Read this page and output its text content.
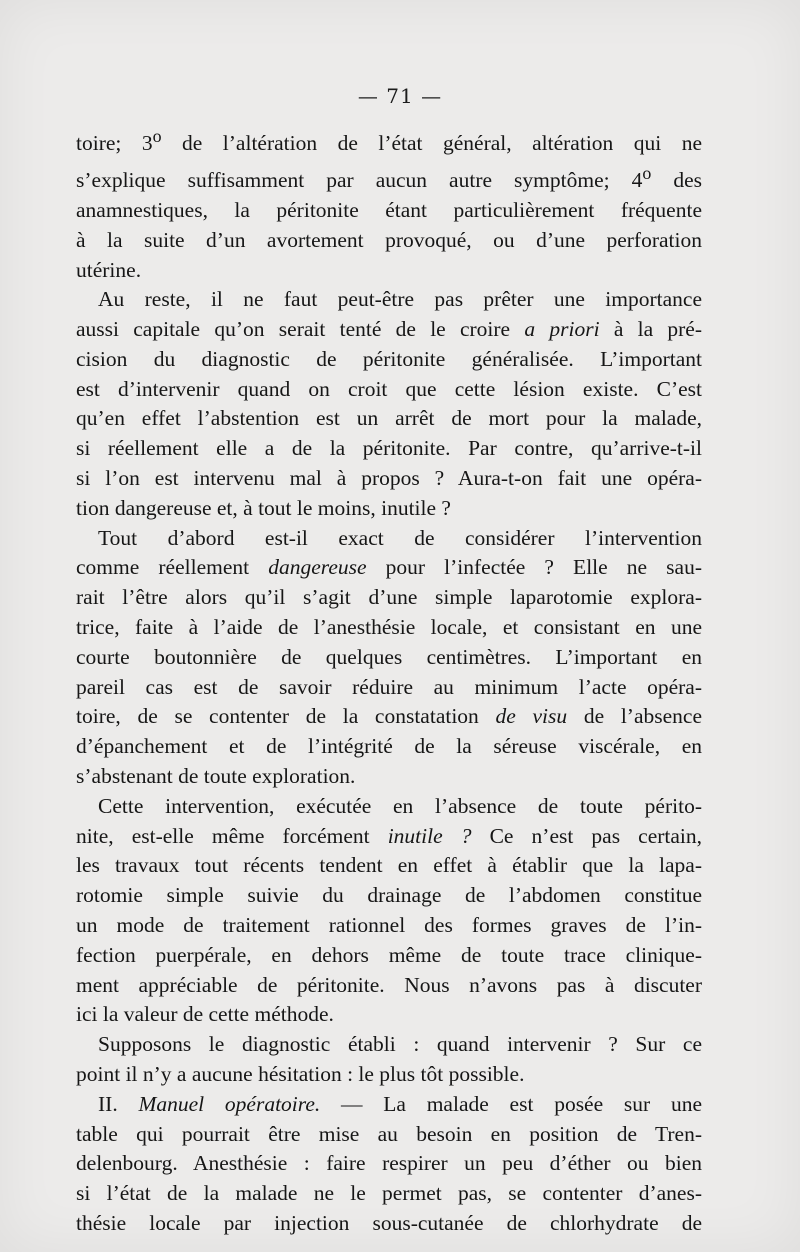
— 71 —
toire; 3$^o$ de l’altération de l’état général, altération qui ne
s’explique suffisamment par aucun autre symptôme; 4$^o$ des
anamnestiques, la péritonite étant particulièrement fréquente
à la suite d’un avortement provoqué, ou d’une perforation
utérine.
Au reste, il ne faut peut-être pas prêter une importance
aussi capitale qu’on serait tenté de le croire a priori à la pré-
cision du diagnostic de péritonite généralisée. L’important
est d’intervenir quand on croit que cette lésion existe. C’est
qu’en effet l’abstention est un arrêt de mort pour la malade,
si réellement elle a de la péritonite. Par contre, qu’arrive-t-il
si l’on est intervenu mal à propos ? Aura-t-on fait une opéra-
tion dangereuse et, à tout le moins, inutile ?
Tout d’abord est-il exact de considérer l’intervention
comme réellement dangereuse pour l’infectée ? Elle ne sau-
rait l’être alors qu’il s’agit d’une simple laparotomie explora-
trice, faite à l’aide de l’anesthésie locale, et consistant en une
courte boutonnière de quelques centimètres. L’important en
pareil cas est de savoir réduire au minimum l’acte opéra-
toire, de se contenter de la constatation de visu de l’absence
d’épanchement et de l’intégrité de la séreuse viscérale, en
s’abstenant de toute exploration.
Cette intervention, exécutée en l’absence de toute périto-
nite, est-elle même forcément inutile ? Ce n’est pas certain,
les travaux tout récents tendent en effet à établir que la lapa-
rotomie simple suivie du drainage de l’abdomen constitue
un mode de traitement rationnel des formes graves de l’in-
fection puerpérale, en dehors même de toute trace clinique-
ment appréciable de péritonite. Nous n’avons pas à discuter
ici la valeur de cette méthode.
Supposons le diagnostic établi : quand intervenir ? Sur ce
point il n’y a aucune hésitation : le plus tôt possible.
II. Manuel opératoire. — La malade est posée sur une
table qui pourrait être mise au besoin en position de Tren-
delenbourg. Anesthésie : faire respirer un peu d’éther ou bien
si l’état de la malade ne le permet pas, se contenter d’anes-
thésie locale par injection sous-cutanée de chlorhydrate de
